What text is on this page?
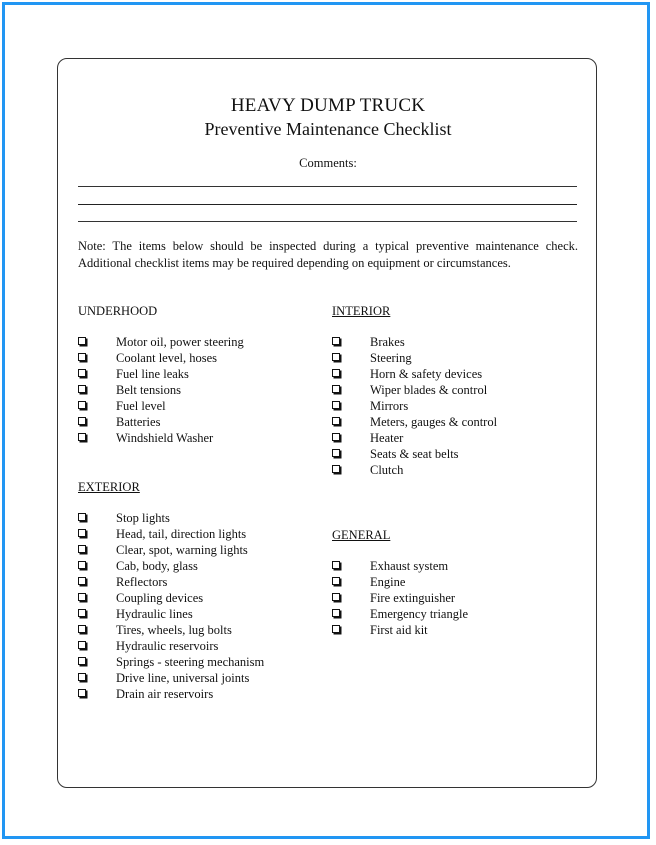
HEAVY DUMP TRUCK
Preventive Maintenance Checklist
Comments:
Note: The items below should be inspected during a typical preventive maintenance check. Additional checklist items may be required depending on equipment or circumstances.
UNDERHOOD
Motor oil, power steering
Coolant level, hoses
Fuel line leaks
Belt tensions
Fuel level
Batteries
Windshield Washer
EXTERIOR
Stop lights
Head, tail, direction lights
Clear, spot, warning lights
Cab, body, glass
Reflectors
Coupling devices
Hydraulic lines
Tires, wheels, lug bolts
Hydraulic reservoirs
Springs - steering mechanism
Drive line, universal joints
Drain air reservoirs
INTERIOR
Brakes
Steering
Horn & safety devices
Wiper blades & control
Mirrors
Meters, gauges & control
Heater
Seats & seat belts
Clutch
GENERAL
Exhaust system
Engine
Fire extinguisher
Emergency triangle
First aid kit
